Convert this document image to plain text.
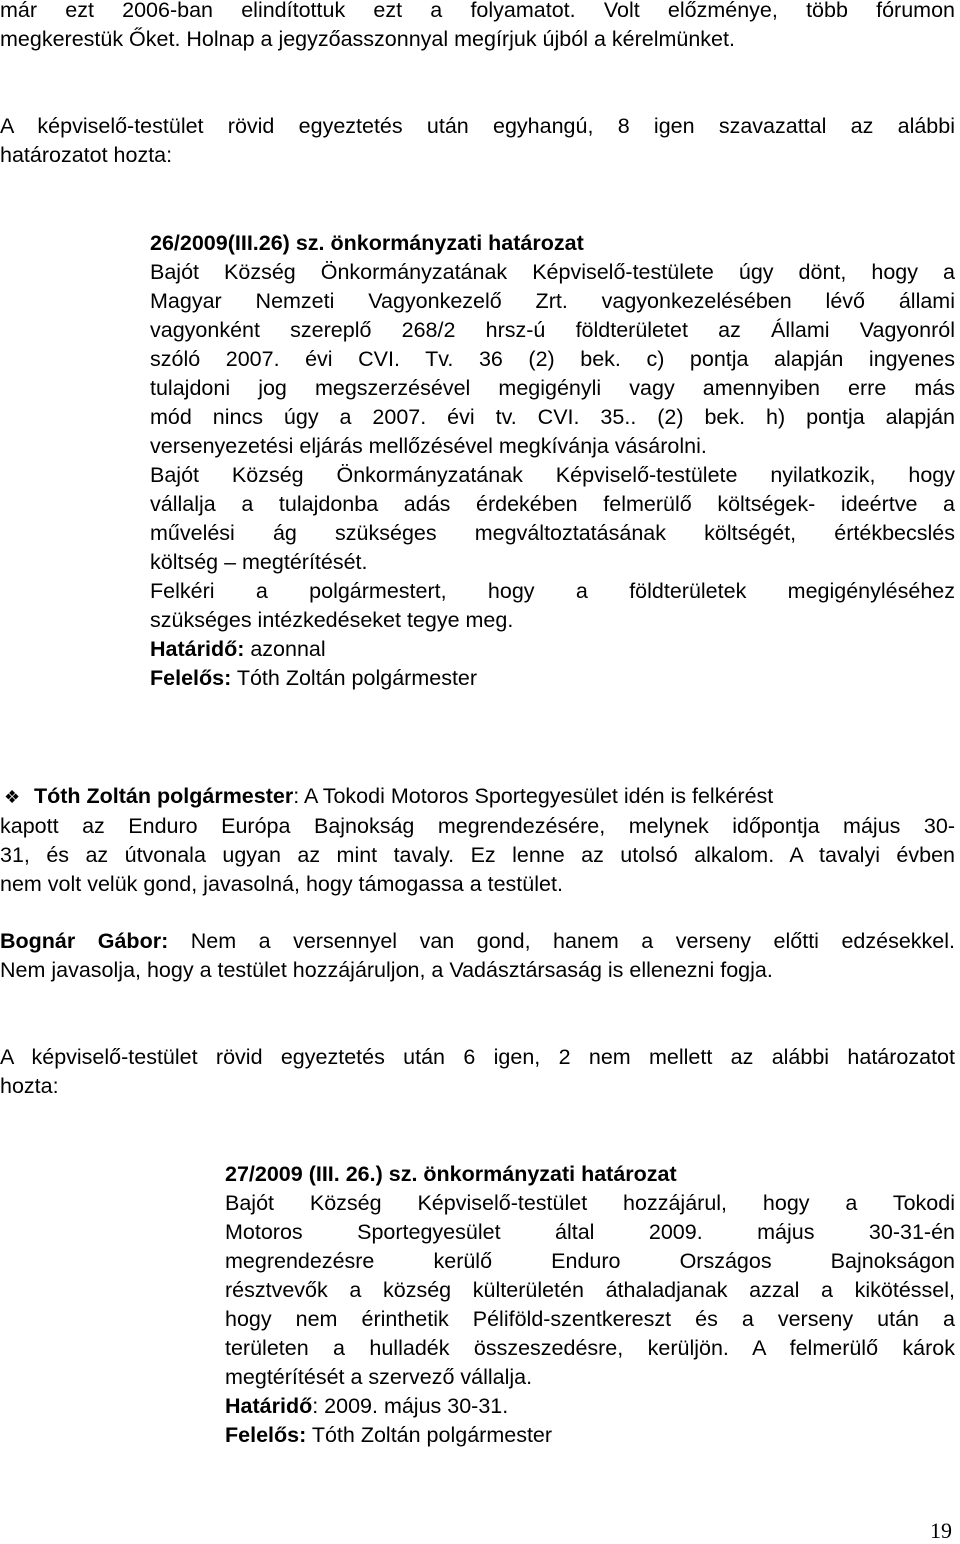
már ezt 2006-ban elindítottuk ezt a folyamatot. Volt előzménye, több fórumon
megkerestük Őket. Holnap a jegyzőasszonnyal megírjuk újból a kérelmünket.
A képviselő-testület rövid egyeztetés után egyhangú, 8 igen szavazattal az alábbi
határozatot hozta:
26/2009(III.26) sz. önkormányzati határozat
Bajót Község Önkormányzatának Képviselő-testülete úgy dönt, hogy a
Magyar Nemzeti Vagyonkezelő Zrt. vagyonkezelésében lévő állami
vagyonként szereplő 268/2 hrsz-ú földterületet az Állami Vagyonról
szóló 2007. évi CVI. Tv. 36 (2) bek. c) pontja alapján ingyenes
tulajdoni jog megszerzésével megigényli vagy amennyiben erre más
mód nincs úgy a 2007. évi tv. CVI. 35.. (2) bek. h) pontja alapján
versenyezetési eljárás mellőzésével megkívánja vásárolni.
Bajót Község Önkormányzatának Képviselő-testülete nyilatkozik, hogy
vállalja a tulajdonba adás érdekében felmerülő költségek- ideértve a
művelési ág szükséges megváltoztatásának költségét, értékbecslés
költség – megtérítését.
Felkéri a polgármestert, hogy a földterületek megigényléséhez
szükséges intézkedéseket tegye meg.
Határidő: azonnal
Felelős: Tóth Zoltán polgármester
❖ Tóth Zoltán polgármester: A Tokodi Motoros Sportegyesület idén is felkérést
kapott az Enduro Európa Bajnokság megrendezésére, melynek időpontja május 30-
31, és az útvonala ugyan az mint tavaly. Ez lenne az utolsó alkalom. A tavalyi évben
nem volt velük gond, javasolná, hogy támogassa a testület.
Bognár Gábor: Nem a versennyel van gond, hanem a verseny előtti edzésekkel.
Nem javasolja, hogy a testület hozzájáruljon, a Vadásztársaság is ellenezni fogja.
A képviselő-testület rövid egyeztetés után 6 igen, 2 nem mellett az alábbi határozatot
hozta:
27/2009 (III. 26.) sz. önkormányzati határozat
Bajót Község Képviselő-testület hozzájárul, hogy a Tokodi
Motoros Sportegyesület által 2009. május 30-31-én
megrendezésre kerülő Enduro Országos Bajnokságon
résztvevők a község külterületén áthaladjanak azzal a kikötéssel,
hogy nem érinthetik Péliföld-szentkereszt és a verseny után a
területen a hulladék összeszedésre, kerüljön. A felmerülő károk
megtérítését a szervező vállalja.
Határidő: 2009. május 30-31.
Felelős: Tóth Zoltán polgármester
19
